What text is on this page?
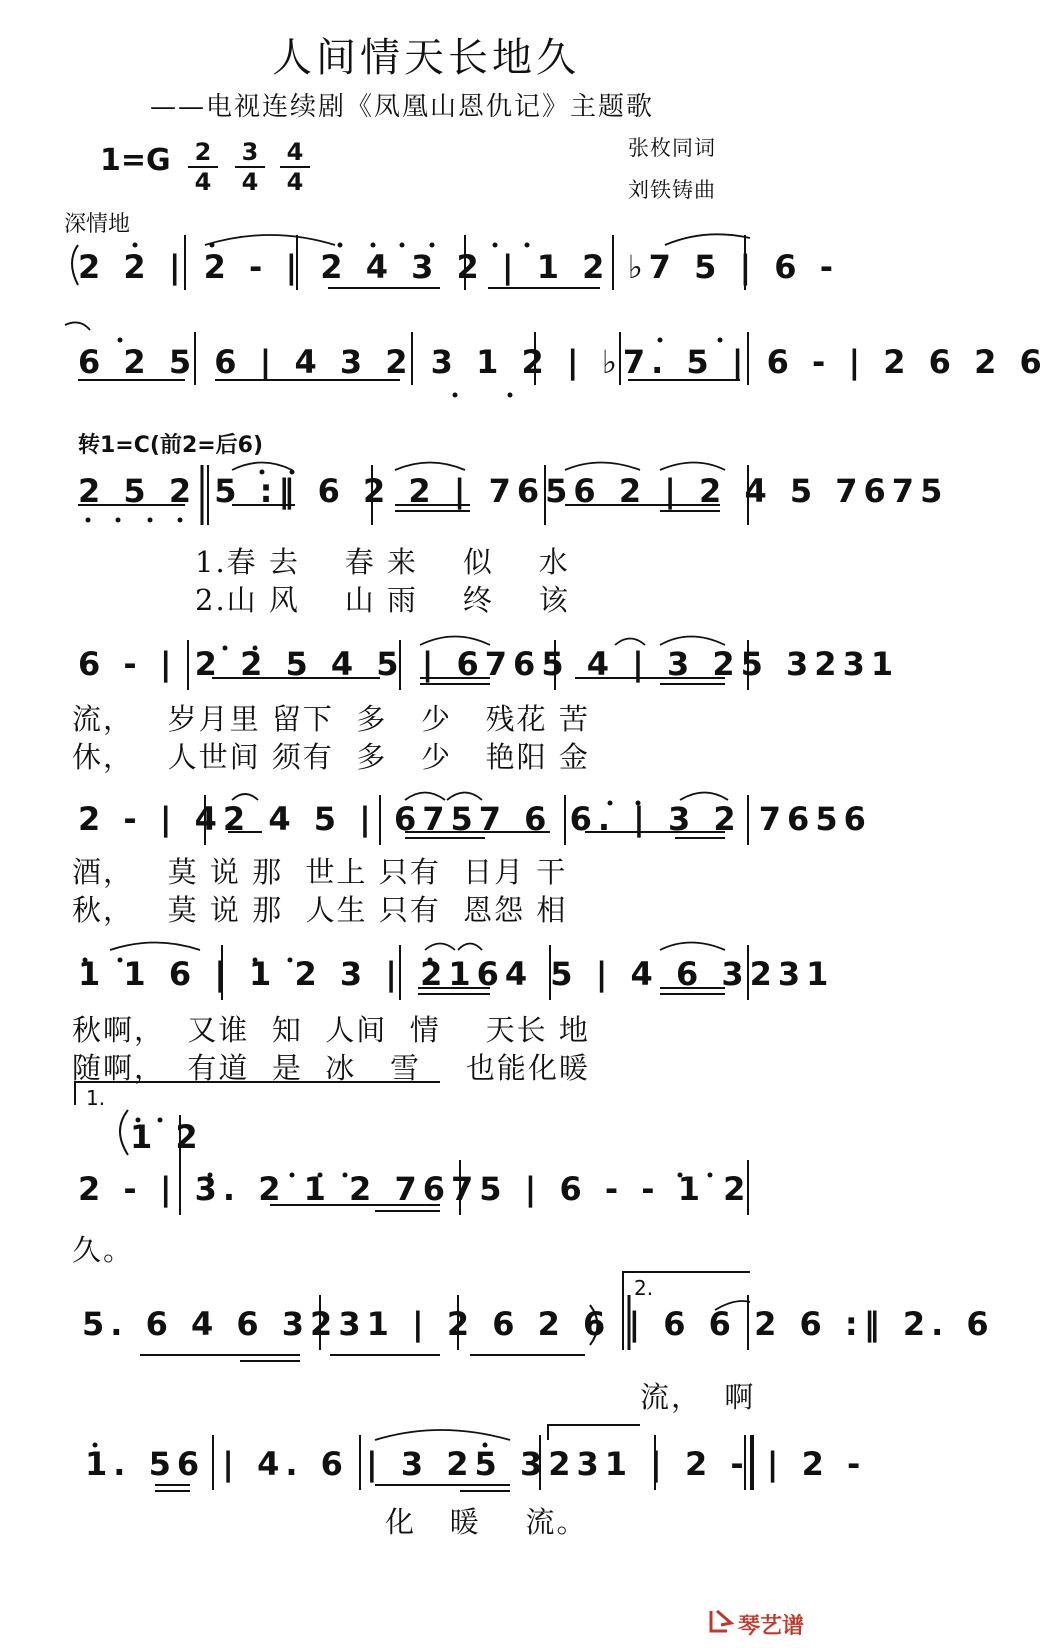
人间情天长地久
——电视连续剧《凤凰山恩仇记》主题歌
1=G 2
4
3
4
4
4
张枚同词
刘铁铸曲
深情地
2 2 | 2 - | 2 4 3 2 | 1 2 ♭7 5 | 6 -
6 2 5 6 | 4 3 2 3 1 2 | ♭7. 5 | 6 - | 2 6 2 6
转1=C(前2=后6)
2 5 2 5 :‖ 6 2 2 | 7656 2 | 2 4 5 7675
1.春 去    春 来    似    水
2.山 风    山 雨    终    该
6 - | 2 2 5 4 5 | 6765 4 | 3 25 3231
流，   岁月里 留下  多   少   残花 苦
休，   人世间 须有  多   少   艳阳 金
2 - | 42 4 5 | 6757 6 6. | 3 2 7656
酒，   莫 说 那  世上 只有  日月 干
秋，   莫 说 那  人生 只有  恩怨 相
1 1 6 | 1 2 3 | 2164 5 | 4 6 3231
秋啊，  又谁  知  人间  情    天长 地
随啊，  有道  是  冰   雪    也能化暖
1.
1 2
2 - | 3. 2 1 2 7675 | 6 - - 1 2
久。
2.
5. 6 4 6 3231 | 2 6 2 6 | 6 6 2 6 :‖ 2. 6
流，  啊
1. 56 | 4. 6 | 3 25 3231 | 2 - | 2 -
化   暖    流。
琴艺谱
